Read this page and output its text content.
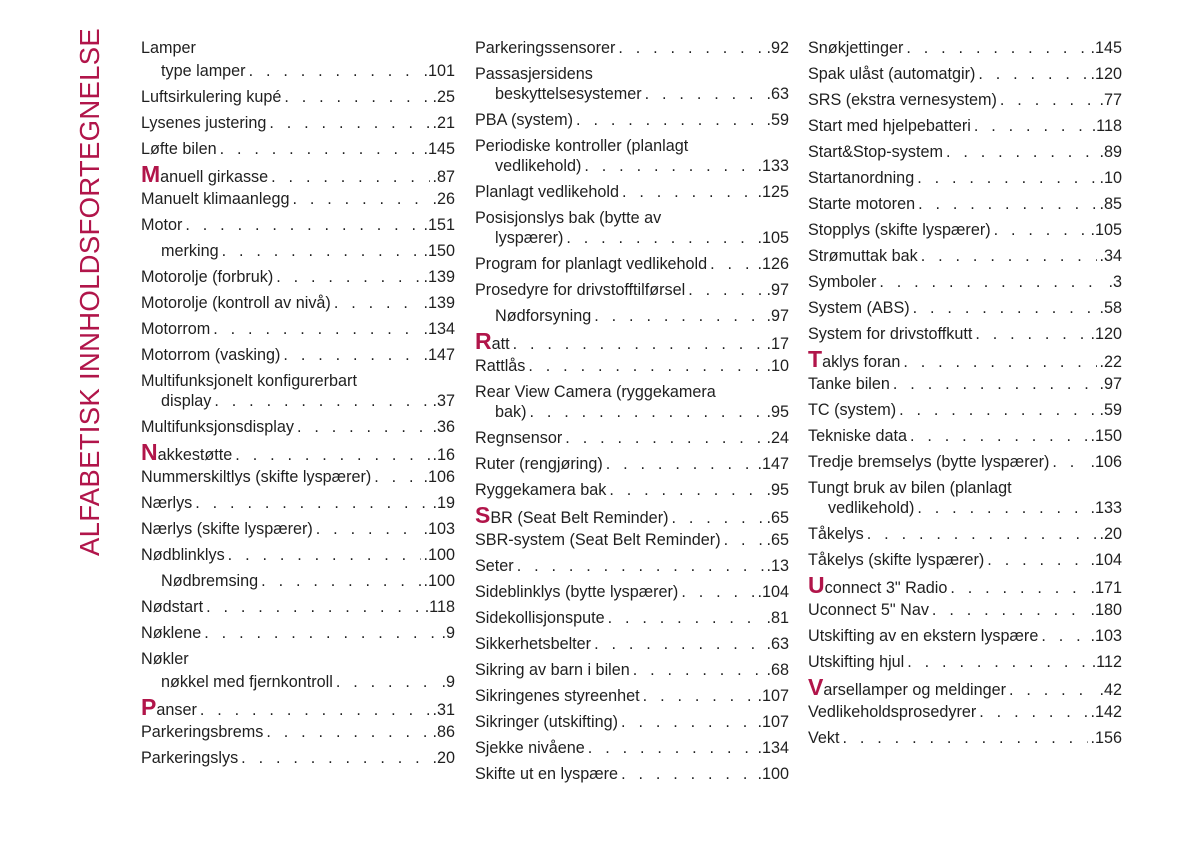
ALFABETISK INNHOLDSFORTEGNELSE Lamper
type lamper . . .	.101
Luftsirkulering kupé . . .	.25
Lysenes justering . . .	.21
Løfte bilen . . .	.145
M anuell girkasse . . .	.87
Manuelt klimaanlegg . . .	.26
Motor . . .	.151
merking . . .	.150
Motorolje (forbruk) . . .	.139
Motorolje (kontroll av nivå) . . .	.139
Motorrom . . .	.134
Motorrom (vasking) . . .	.147
Multifunksjonelt konfigurerbart
display . . .	.37
Multifunksjonsdisplay . . .	.36
N akkestøtte . . .	.16
Nummerskiltlys (skifte lyspærer) . . .	.106
Nærlys . . .	.19
Nærlys (skifte lyspærer) . . .	.103
Nødblinklys . . .	.100
Nødbremsing . . .	.100
Nødstart . . .	.118
Nøklene . . .	.9
Nøkler
nøkkel med fjernkontroll . . .	.9
P anser . . .	.31
Parkeringsbrems . . .	.86
Parkeringslys . . .	.20
Parkeringssensorer . . .	.92
Passasjersidens
beskyttelsesystemer . . .	.63
PBA (system) . . .	.59
Periodiske kontroller (planlagt
vedlikehold) . . .	.133
Planlagt vedlikehold . . .	.125
Posisjonslys bak (bytte av
lyspærer) . . .	.105
Program for planlagt vedlikehold . . .	.126
Prosedyre for drivstofftilførsel . . .	.97
Nødforsyning . . .	.97
R att . . .	.17
Rattlås . . .	.10
Rear View Camera (ryggekamera
bak) . . .	.95
Regnsensor . . .	.24
Ruter (rengjøring) . . .	.147
Ryggekamera bak . . .	.95
S BR (Seat Belt Reminder) . . .	.65
SBR-system (Seat Belt Reminder) . . .	.65
Seter . . .	.13
Sideblinklys (bytte lyspærer) . . .	.104
Sidekollisjonspute . . .	.81
Sikkerhetsbelter . . .	.63
Sikring av barn i bilen . . .	.68
Sikringenes styreenhet . . .	.107
Sikringer (utskifting) . . .	.107
Sjekke nivåene . . .	.134
Skifte ut en lyspære . . .	.100
Snøkjettinger . . .	.145
Spak ulåst (automatgir) . . .	.120
SRS (ekstra vernesystem) . . .	.77
Start med hjelpebatteri . . .	.118
Start&Stop-system . . .	.89
Startanordning . . .	.10
Starte motoren . . .	.85
Stopplys (skifte lyspærer) . . .	.105
Strømuttak bak . . .	.34
Symboler . . .	.3
System (ABS) . . .	.58
System for drivstoffkutt . . .	.120
T aklys foran . . .	.22
Tanke bilen . . .	.97
TC (system) . . .	.59
Tekniske data . . .	.150
Tredje bremselys (bytte lyspærer) . . .	.106
Tungt bruk av bilen (planlagt
vedlikehold) . . .	.133
Tåkelys . . .	.20
Tåkelys (skifte lyspærer) . . .	.104
U connect 3" Radio . . .	.171
Uconnect 5" Nav . . .	.180
Utskifting av en ekstern lyspære . . .	.103
Utskifting hjul . . .	.112
V arsellamper og meldinger . . .	.42
Vedlikeholdsprosedyrer . . .	.142
Vekt . . .	.156
